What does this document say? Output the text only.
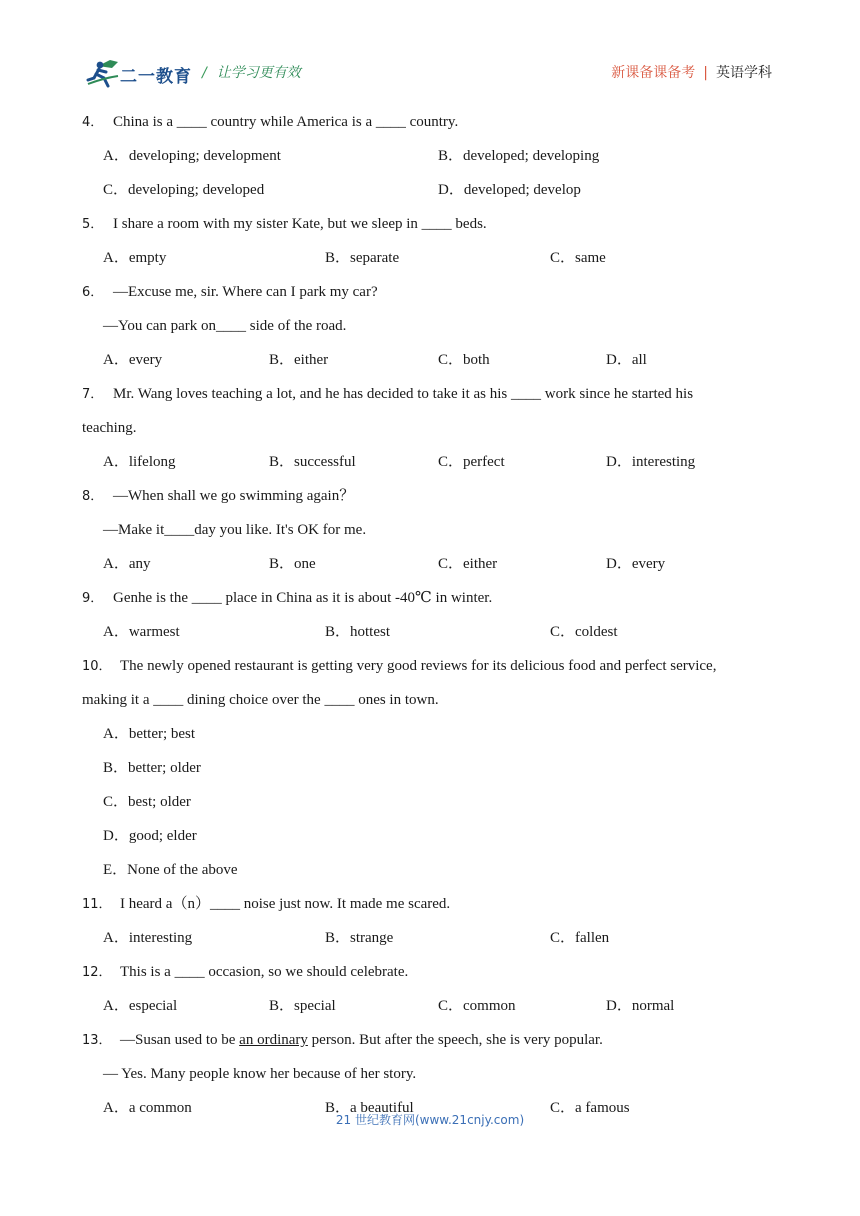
二一教育 / 让学习更有效	新课备课备考 | 英语学科
4． China is a ____ country while America is a ____ country.
A．developing; development	B．developed; developing
C．developing; developed	D．developed; develop
5． I share a room with my sister Kate, but we sleep in ____ beds.
A．empty	B．separate	C．same
6． —Excuse me, sir. Where can I park my car?
—You can park on____ side of the road.
A．every	B．either	C．both	D．all
7． Mr. Wang loves teaching a lot, and he has decided to take it as his ____ work since he started his
teaching.
A．lifelong	B．successful	C．perfect	D．interesting
8． —When shall we go swimming again？
—Make it____day you like. It's OK for me.
A．any	B．one	C．either	D．every
9． Genhe is the ____ place in China as it is about -40℃ in winter.
A．warmest	B．hottest	C．coldest
10． The newly opened restaurant is getting very good reviews for its delicious food and perfect service,
making it a ____ dining choice over the ____ ones in town.
A．better; best
B．better; older
C．best; older
D．good; elder
E．None of the above
11． I heard a（n）____ noise just now. It made me scared.
A．interesting	B．strange	C．fallen
12． This is a ____ occasion, so we should celebrate.
A．especial	B．special	C．common	D．normal
13． —Susan used to be an ordinary person. But after the speech, she is very popular.
— Yes. Many people know her because of her story.
A．a common	B．a beautiful	C．a famous
21 世纪教育网(www.21cnjy.com)
